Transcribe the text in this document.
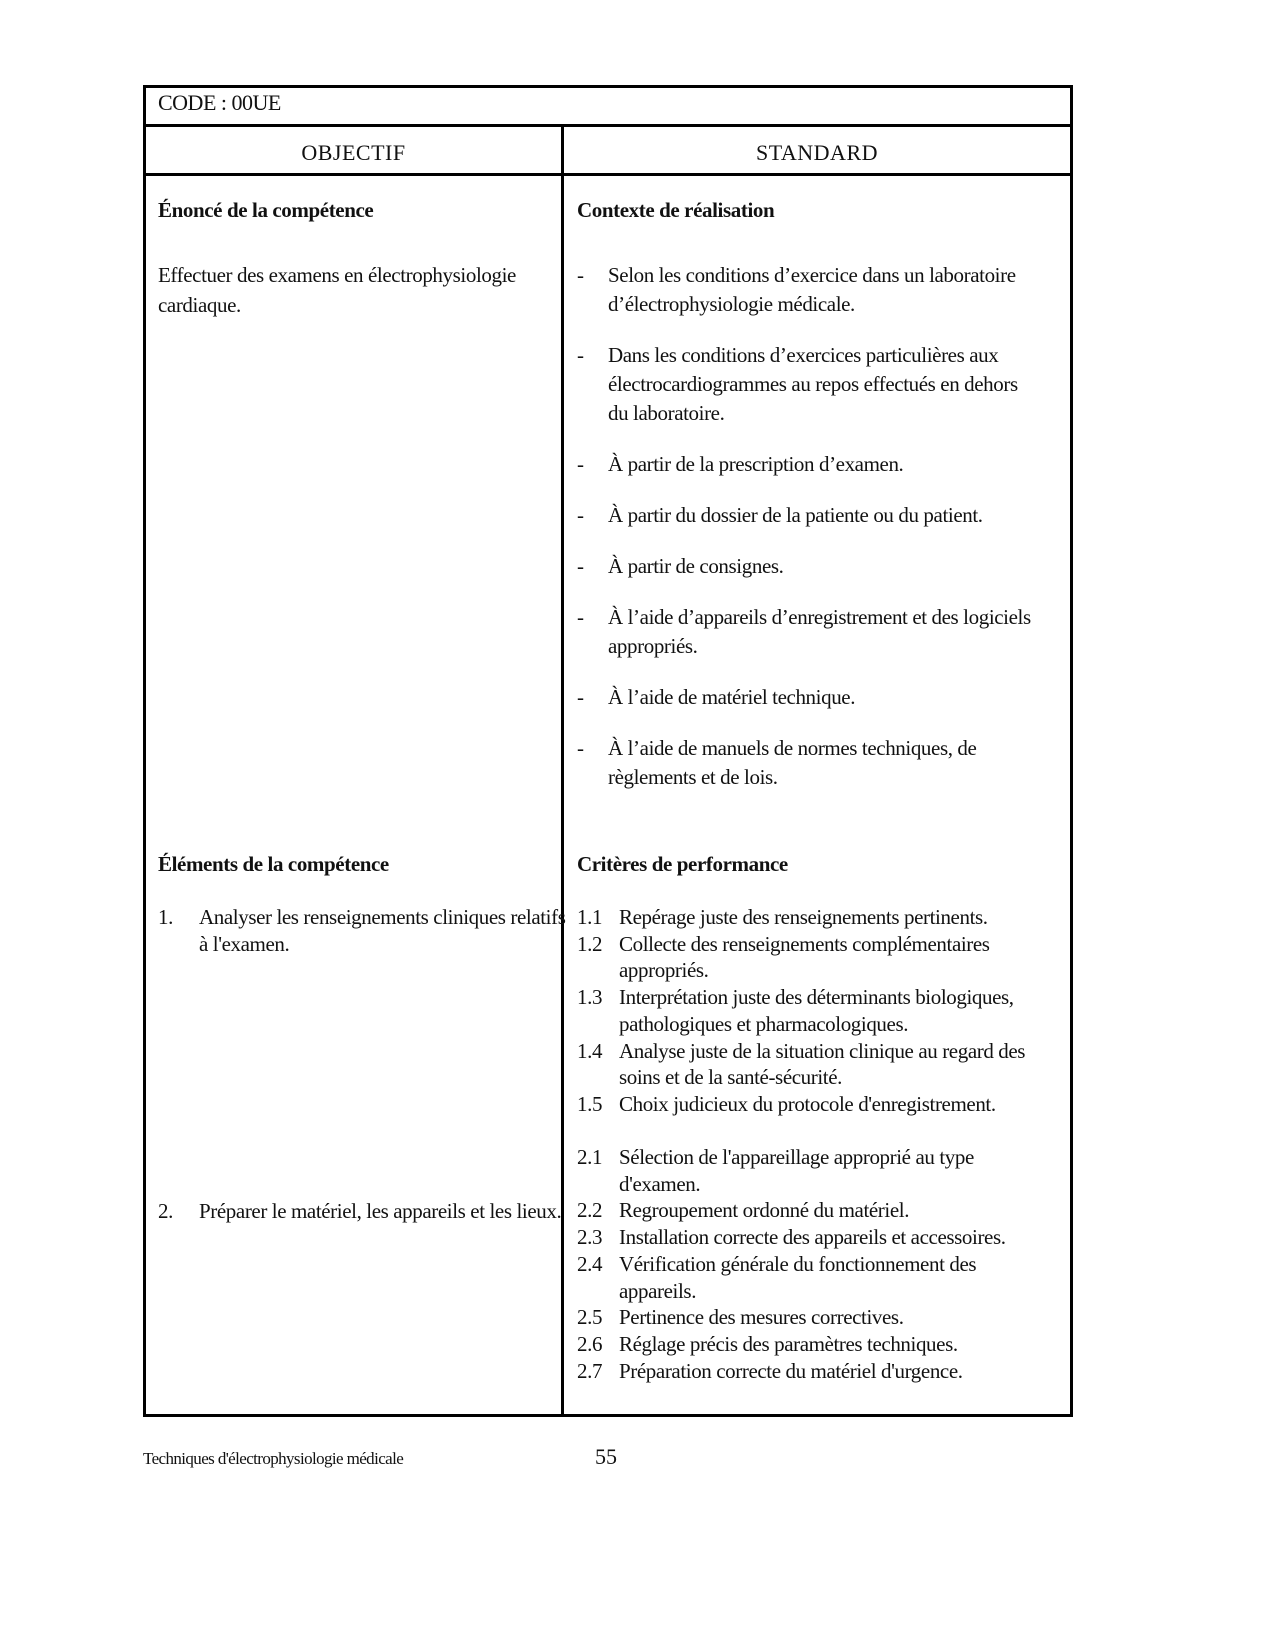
CODE : 00UE
OBJECTIF	STANDARD
Énoncé de la compétence
Effectuer des examens en électrophysiologie cardiaque.
Éléments de la compétence
1. Analyser les renseignements cliniques relatifs à l'examen.
2. Préparer le matériel, les appareils et les lieux.
Contexte de réalisation
- Selon les conditions d’exercice dans un laboratoire d’électrophysiologie médicale.
- Dans les conditions d’exercices particulières aux électrocardiogrammes au repos effectués en dehors du laboratoire.
- À partir de la prescription d’examen.
- À partir du dossier de la patiente ou du patient.
- À partir de consignes.
- À l’aide d’appareils d’enregistrement et des logiciels appropriés.
- À l’aide de matériel technique.
- À l’aide de manuels de normes techniques, de règlements et de lois.
Critères de performance
1.1 Repérage juste des renseignements pertinents.
1.2 Collecte des renseignements complémentaires appropriés.
1.3 Interprétation juste des déterminants biologiques, pathologiques et pharmacologiques.
1.4 Analyse juste de la situation clinique au regard des soins et de la santé-sécurité.
1.5 Choix judicieux du protocole d'enregistrement.
2.1 Sélection de l'appareillage approprié au type d'examen.
2.2 Regroupement ordonné du matériel.
2.3 Installation correcte des appareils et accessoires.
2.4 Vérification générale du fonctionnement des appareils.
2.5 Pertinence des mesures correctives.
2.6 Réglage précis des paramètres techniques.
2.7 Préparation correcte du matériel d'urgence.
Techniques d'électrophysiologie médicale	55
